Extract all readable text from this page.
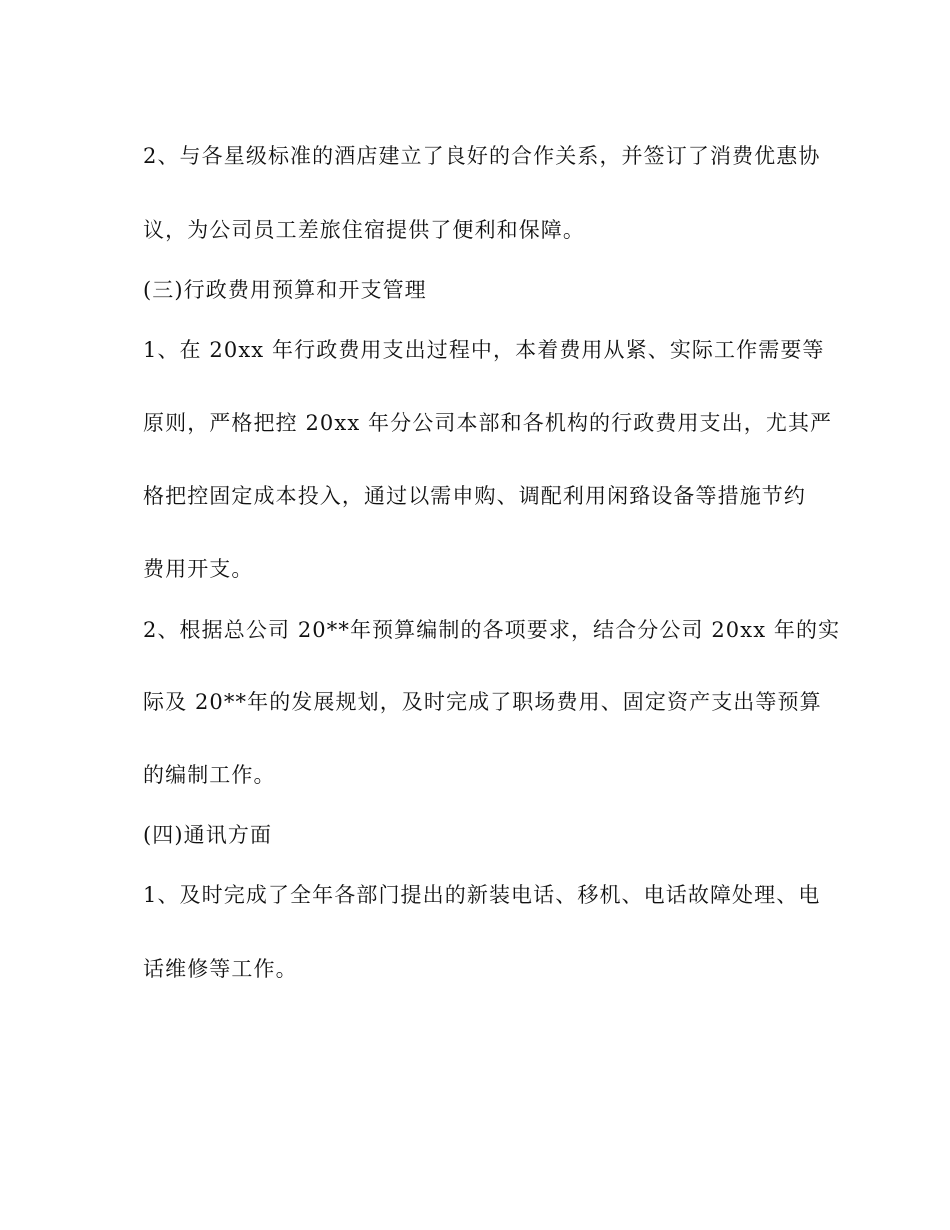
2、与各星级标准的酒店建立了良好的合作关系，并签订了消费优惠协
议，为公司员工差旅住宿提供了便利和保障。
(三)行政费用预算和开支管理
1、在 20xx 年行政费用支出过程中，本着费用从紧、实际工作需要等
原则，严格把控 20xx 年分公司本部和各机构的行政费用支出，尤其严
格把控固定成本投入，通过以需申购、调配利用闲臵设备等措施节约
费用开支。
2、根据总公司 20**年预算编制的各项要求，结合分公司 20xx 年的实
际及 20**年的发展规划，及时完成了职场费用、固定资产支出等预算
的编制工作。
(四)通讯方面
1、及时完成了全年各部门提出的新装电话、移机、电话故障处理、电
话维修等工作。
